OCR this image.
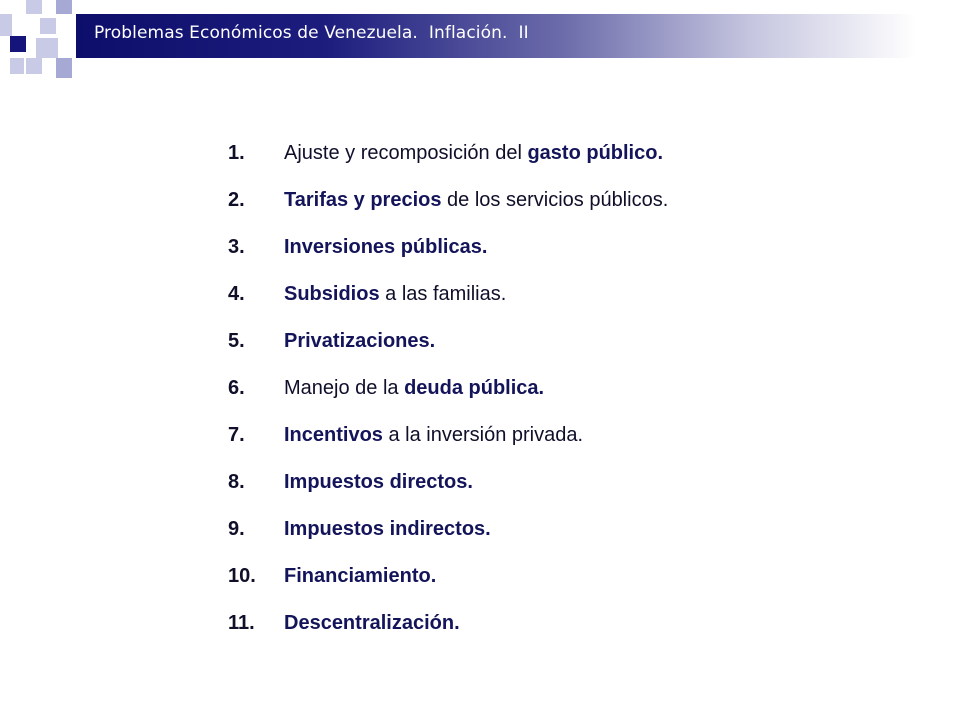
Problemas Económicos de Venezuela.  Inflación.  II
1. Ajuste y recomposición del gasto público.
2. Tarifas y precios de los servicios públicos.
3. Inversiones públicas.
4. Subsidios a las familias.
5. Privatizaciones.
6. Manejo de la deuda pública.
7. Incentivos a la inversión privada.
8. Impuestos directos.
9. Impuestos indirectos.
10. Financiamiento.
11. Descentralización.
